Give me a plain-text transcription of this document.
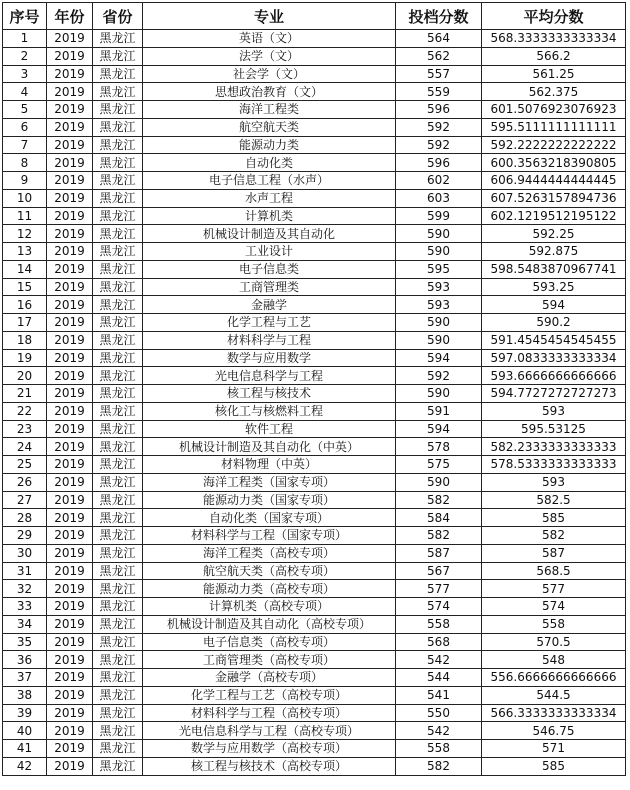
序号	年份	省份	专业	投档分数	平均分数
1	2019	黑龙江	英语（文）	564	568.3333333333334
2	2019	黑龙江	法学（文）	562	566.2
3	2019	黑龙江	社会学（文）	557	561.25
4	2019	黑龙江	思想政治教育（文）	559	562.375
5	2019	黑龙江	海洋工程类	596	601.5076923076923
6	2019	黑龙江	航空航天类	592	595.5111111111111
7	2019	黑龙江	能源动力类	592	592.2222222222222
8	2019	黑龙江	自动化类	596	600.3563218390805
9	2019	黑龙江	电子信息工程（水声）	602	606.9444444444445
10	2019	黑龙江	水声工程	603	607.5263157894736
11	2019	黑龙江	计算机类	599	602.1219512195122
12	2019	黑龙江	机械设计制造及其自动化	590	592.25
13	2019	黑龙江	工业设计	590	592.875
14	2019	黑龙江	电子信息类	595	598.5483870967741
15	2019	黑龙江	工商管理类	593	593.25
16	2019	黑龙江	金融学	593	594
17	2019	黑龙江	化学工程与工艺	590	590.2
18	2019	黑龙江	材料科学与工程	590	591.4545454545455
19	2019	黑龙江	数学与应用数学	594	597.0833333333334
20	2019	黑龙江	光电信息科学与工程	592	593.6666666666666
21	2019	黑龙江	核工程与核技术	590	594.7727272727273
22	2019	黑龙江	核化工与核燃料工程	591	593
23	2019	黑龙江	软件工程	594	595.53125
24	2019	黑龙江	机械设计制造及其自动化（中英）	578	582.2333333333333
25	2019	黑龙江	材料物理（中英）	575	578.5333333333333
26	2019	黑龙江	海洋工程类（国家专项）	590	593
27	2019	黑龙江	能源动力类（国家专项）	582	582.5
28	2019	黑龙江	自动化类（国家专项）	584	585
29	2019	黑龙江	材料科学与工程（国家专项）	582	582
30	2019	黑龙江	海洋工程类（高校专项）	587	587
31	2019	黑龙江	航空航天类（高校专项）	567	568.5
32	2019	黑龙江	能源动力类（高校专项）	577	577
33	2019	黑龙江	计算机类（高校专项）	574	574
34	2019	黑龙江	机械设计制造及其自动化（高校专项）	558	558
35	2019	黑龙江	电子信息类（高校专项）	568	570.5
36	2019	黑龙江	工商管理类（高校专项）	542	548
37	2019	黑龙江	金融学（高校专项）	544	556.6666666666666
38	2019	黑龙江	化学工程与工艺（高校专项）	541	544.5
39	2019	黑龙江	材料科学与工程（高校专项）	550	566.3333333333334
40	2019	黑龙江	光电信息科学与工程（高校专项）	542	546.75
41	2019	黑龙江	数学与应用数学（高校专项）	558	571
42	2019	黑龙江	核工程与核技术（高校专项）	582	585
